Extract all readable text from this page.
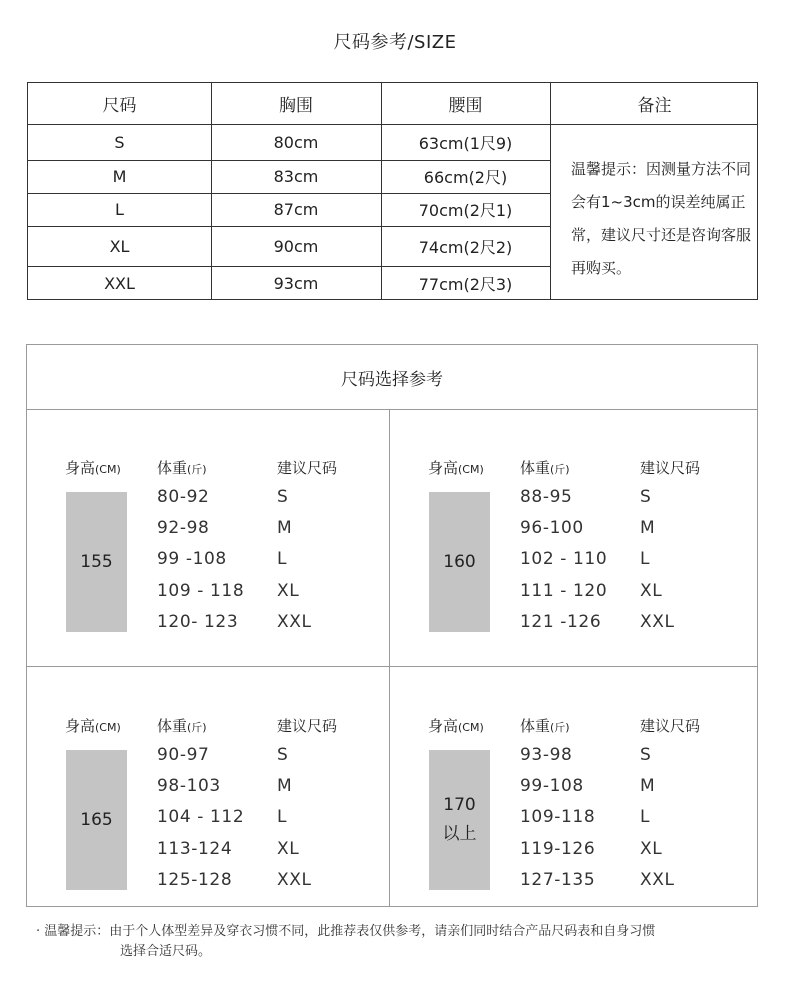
尺码参考/SIZE
尺码	胸围	腰围	备注
S	80cm	63cm(1尺9)
M	83cm	66cm(2尺)
L	87cm	70cm(2尺1)
XL	90cm	74cm(2尺2)
XXL	93cm	77cm(2尺3)
温馨提示：因测量方法不同会有1~3cm的误差纯属正常，建议尺寸还是咨询客服再购买。
尺码选择参考
身高(CM) 体重(斤)	建议尺码
155
80-92	S
92-98	M
99 -108	L
109 - 118 XL
120- 123 XXL
身高(CM) 体重(斤)	建议尺码
160
88-95	S
96-100	M
102 - 110 L
111 - 120 XL
121 -126 XXL
身高(CM) 体重(斤)	建议尺码
165
90-97	S
98-103	M
104 - 112 L
113-124	XL
125-128	XXL
身高(CM) 体重(斤)	建议尺码
170
以上
93-98	S
99-108	M
109-118	L
119-126	XL
127-135	XXL
· 温馨提示：由于个人体型差异及穿衣习惯不同，此推荐表仅供参考，请亲们同时结合产品尺码表和自身习惯
选择合适尺码。
